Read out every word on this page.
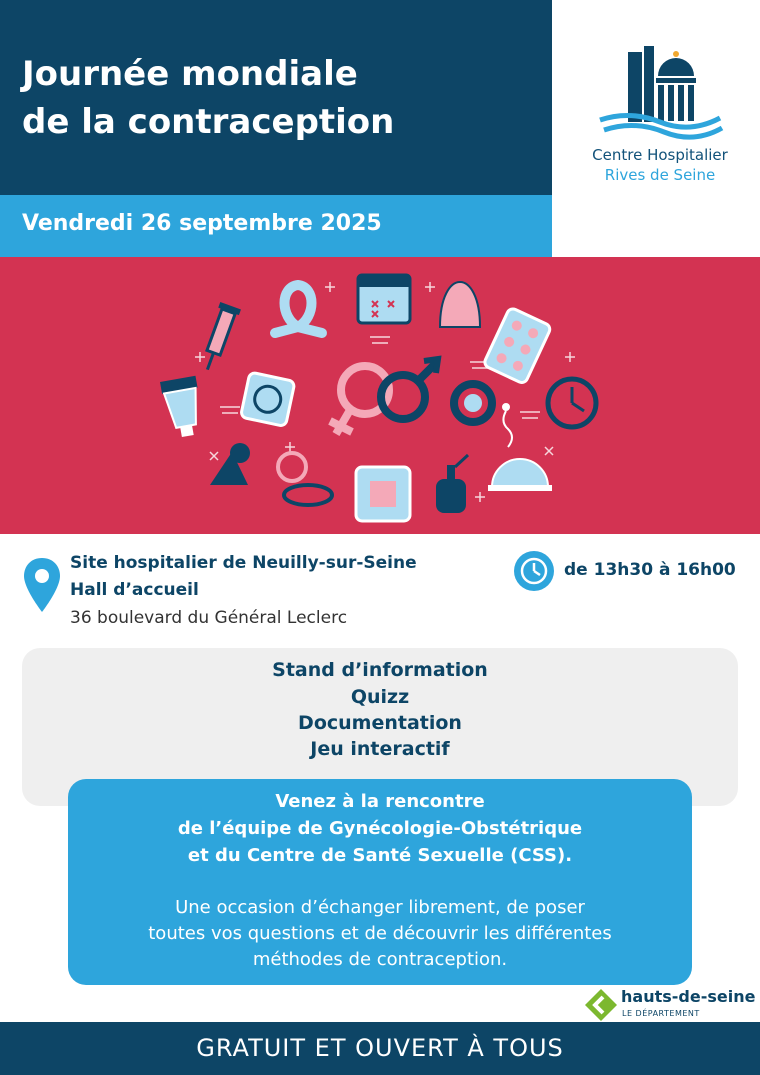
Journée mondiale
de la contraception
Vendredi 26 septembre 2025
Centre Hospitalier
Rives de Seine
Site hospitalier de Neuilly-sur-Seine
Hall d’accueil
36 boulevard du Général Leclerc
de 13h30 à 16h00
Stand d’information
Quizz
Documentation
Jeu interactif
Venez à la rencontre
de l’équipe de Gynécologie-Obstétrique
et du Centre de Santé Sexuelle (CSS).
Une occasion d’échanger librement, de poser
toutes vos questions et de découvrir les différentes
méthodes de contraception.
hauts-de-seine
LE DÉPARTEMENT
GRATUIT ET OUVERT À TOUS
